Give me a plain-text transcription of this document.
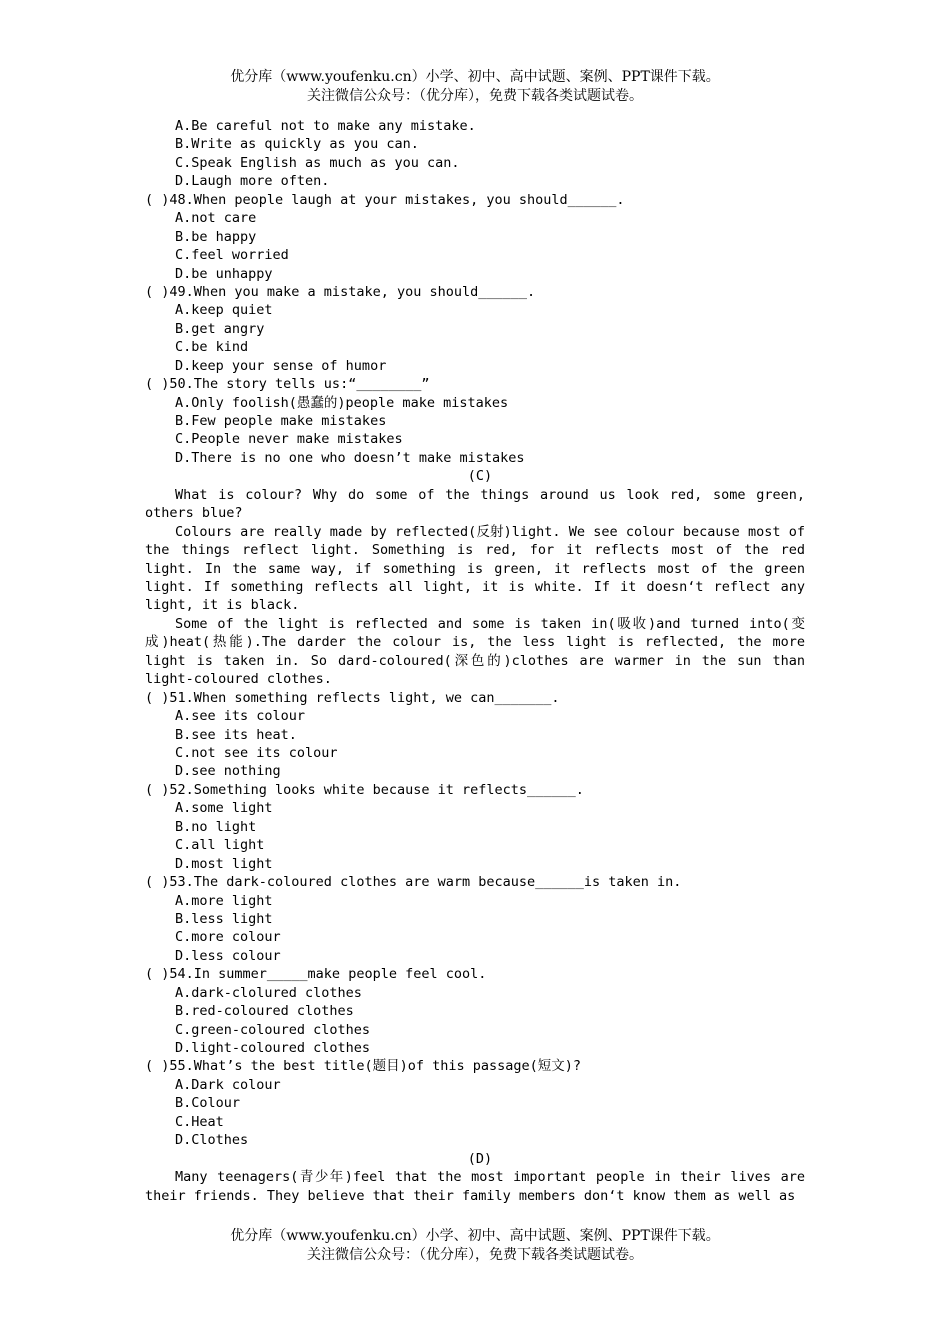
优分库（www.youfenku.cn）小学、初中、高中试题、案例、PPT课件下载。
关注微信公众号：（优分库），免费下载各类试题试卷。
A.Be careful not to make any mistake.
B.Write as quickly as you can.
C.Speak English as much as you can.
D.Laugh more often.
( )48.When people laugh at your mistakes, you should______.
A.not care
B.be happy
C.feel worried
D.be unhappy
( )49.When you make a mistake, you should______.
A.keep quiet
B.get angry
C.be kind
D.keep your sense of humor
( )50.The story tells us:“________”
A.Only foolish(愚蠢的)people make mistakes
B.Few people make mistakes
C.People never make mistakes
D.There is no one who doesn’t make mistakes
(C)
What is colour? Why do some of the things around us look red, some green, others blue?
Colours are really made by reflected(反射)light. We see colour because most of the things reflect light. Something is red, for it reflects most of the red light. In the same way, if something is green, it reflects most of the green light. If something reflects all light, it is white. If it doesn‘t reflect any light, it is black.
Some of the light is reflected and some is taken in(吸收)and turned into(变成)heat(热能).The darder the colour is, the less light is reflected, the more light is taken in. So dard-coloured(深色的)clothes are warmer in the sun than light-coloured clothes.
( )51.When something reflects light, we can_______.
A.see its colour
B.see its heat.
C.not see its colour
D.see nothing
( )52.Something looks white because it reflects______.
A.some light
B.no light
C.all light
D.most light
( )53.The dark-coloured clothes are warm because______is taken in.
A.more light
B.less light
C.more colour
D.less colour
( )54.In summer_____make people feel cool.
A.dark-clolured clothes
B.red-coloured clothes
C.green-coloured clothes
D.light-coloured clothes
( )55.What’s the best title(题目)of this passage(短文)?
A.Dark colour
B.Colour
C.Heat
D.Clothes
(D)
Many teenagers(青少年)feel that the most important people in their lives are their friends. They believe that their family members don‘t know them as well as
优分库（www.youfenku.cn）小学、初中、高中试题、案例、PPT课件下载。
关注微信公众号：（优分库），免费下载各类试题试卷。
